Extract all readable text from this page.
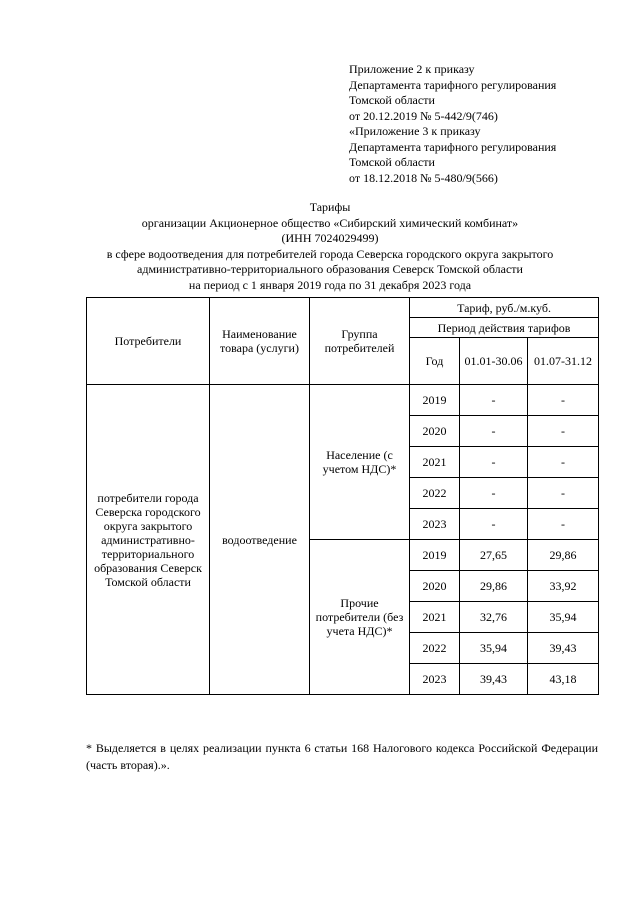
Приложение 2 к приказу
Департамента тарифного регулирования
Томской области
от 20.12.2019 № 5-442/9(746)
«Приложение 3 к приказу
Департамента тарифного регулирования
Томской области
от 18.12.2018 № 5-480/9(566)
Тарифы
организации Акционерное общество «Сибирский химический комбинат»
(ИНН 7024029499)
в сфере водоотведения для потребителей города Северска городского округа закрытого
административно-территориального образования Северск Томской области
на период с 1 января 2019 года по 31 декабря 2023 года
Потребители	Наименование товара (услуги)	Группа потребителей	Тариф, руб./м.куб.		
			Период действия тарифов		
			Год	01.01-30.06	01.07-31.12
потребители города Северска городского округа закрытого административно-территориального образования Северск Томской области	водоотведение	Население (с учетом НДС)*	2019	-	-
			2020	-	-
			2021	-	-
			2022	-	-
			2023	-	-
		Прочие потребители (без учета НДС)*	2019	27,65	29,86
			2020	29,86	33,92
			2021	32,76	35,94
			2022	35,94	39,43
			2023	39,43	43,18
* Выделяется в целях реализации пункта 6 статьи 168 Налогового кодекса Российской Федерации (часть вторая).».
